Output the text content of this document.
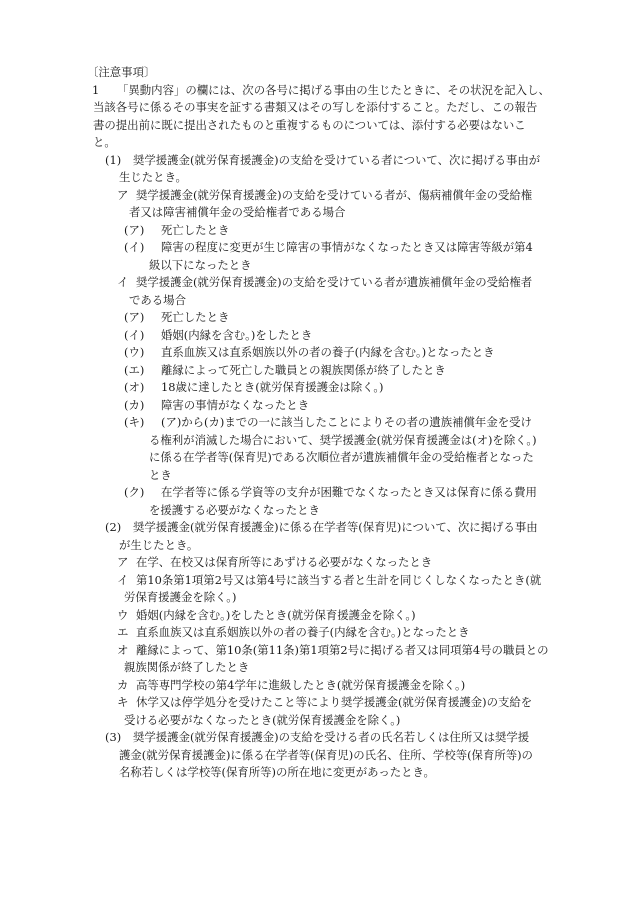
〔注意事項〕
1 「異動内容」の欄には、次の各号に掲げる事由の生じたときに、その状況を記入し、
当該各号に係るその事実を証する書類又はその写しを添付すること。ただし、この報告
書の提出前に既に提出されたものと重複するものについては、添付する必要はないこ
と。
(1) 奨学援護金(就労保育援護金)の支給を受けている者について、次に掲げる事由が
生じたとき。
ア 奨学援護金(就労保育援護金)の支給を受けている者が、傷病補償年金の受給権
者又は障害補償年金の受給権者である場合
(ア) 死亡したとき
(イ) 障害の程度に変更が生じ障害の事情がなくなったとき又は障害等級が第4
級以下になったとき
イ 奨学援護金(就労保育援護金)の支給を受けている者が遺族補償年金の受給権者
である場合
(ア) 死亡したとき
(イ) 婚姻(内縁を含む。)をしたとき
(ウ) 直系血族又は直系姻族以外の者の養子(内縁を含む。)となったとき
(エ) 離縁によって死亡した職員との親族関係が終了したとき
(オ) 18歳に達したとき(就労保育援護金は除く。)
(カ) 障害の事情がなくなったとき
(キ) (ア)から(カ)までの一に該当したことによりその者の遺族補償年金を受け
る権利が消滅した場合において、奨学援護金(就労保育援護金は(オ)を除く。)
に係る在学者等(保育児)である次順位者が遺族補償年金の受給権者となった
とき
(ク) 在学者等に係る学資等の支弁が困難でなくなったとき又は保育に係る費用
を援護する必要がなくなったとき
(2) 奨学援護金(就労保育援護金)に係る在学者等(保育児)について、次に掲げる事由
が生じたとき。
ア 在学、在校又は保育所等にあずける必要がなくなったとき
イ 第10条第1項第2号又は第4号に該当する者と生計を同じくしなくなったとき(就
労保育援護金を除く。)
ウ 婚姻(内縁を含む。)をしたとき(就労保育援護金を除く。)
エ 直系血族又は直系姻族以外の者の養子(内縁を含む。)となったとき
オ 離縁によって、第10条(第11条)第1項第2号に掲げる者又は同項第4号の職員との
親族関係が終了したとき
カ 高等専門学校の第4学年に進級したとき(就労保育援護金を除く。)
キ 休学又は停学処分を受けたこと等により奨学援護金(就労保育援護金)の支給を
受ける必要がなくなったとき(就労保育援護金を除く。)
(3) 奨学援護金(就労保育援護金)の支給を受ける者の氏名若しくは住所又は奨学援
護金(就労保育援護金)に係る在学者等(保育児)の氏名、住所、学校等(保育所等)の
名称若しくは学校等(保育所等)の所在地に変更があったとき。
